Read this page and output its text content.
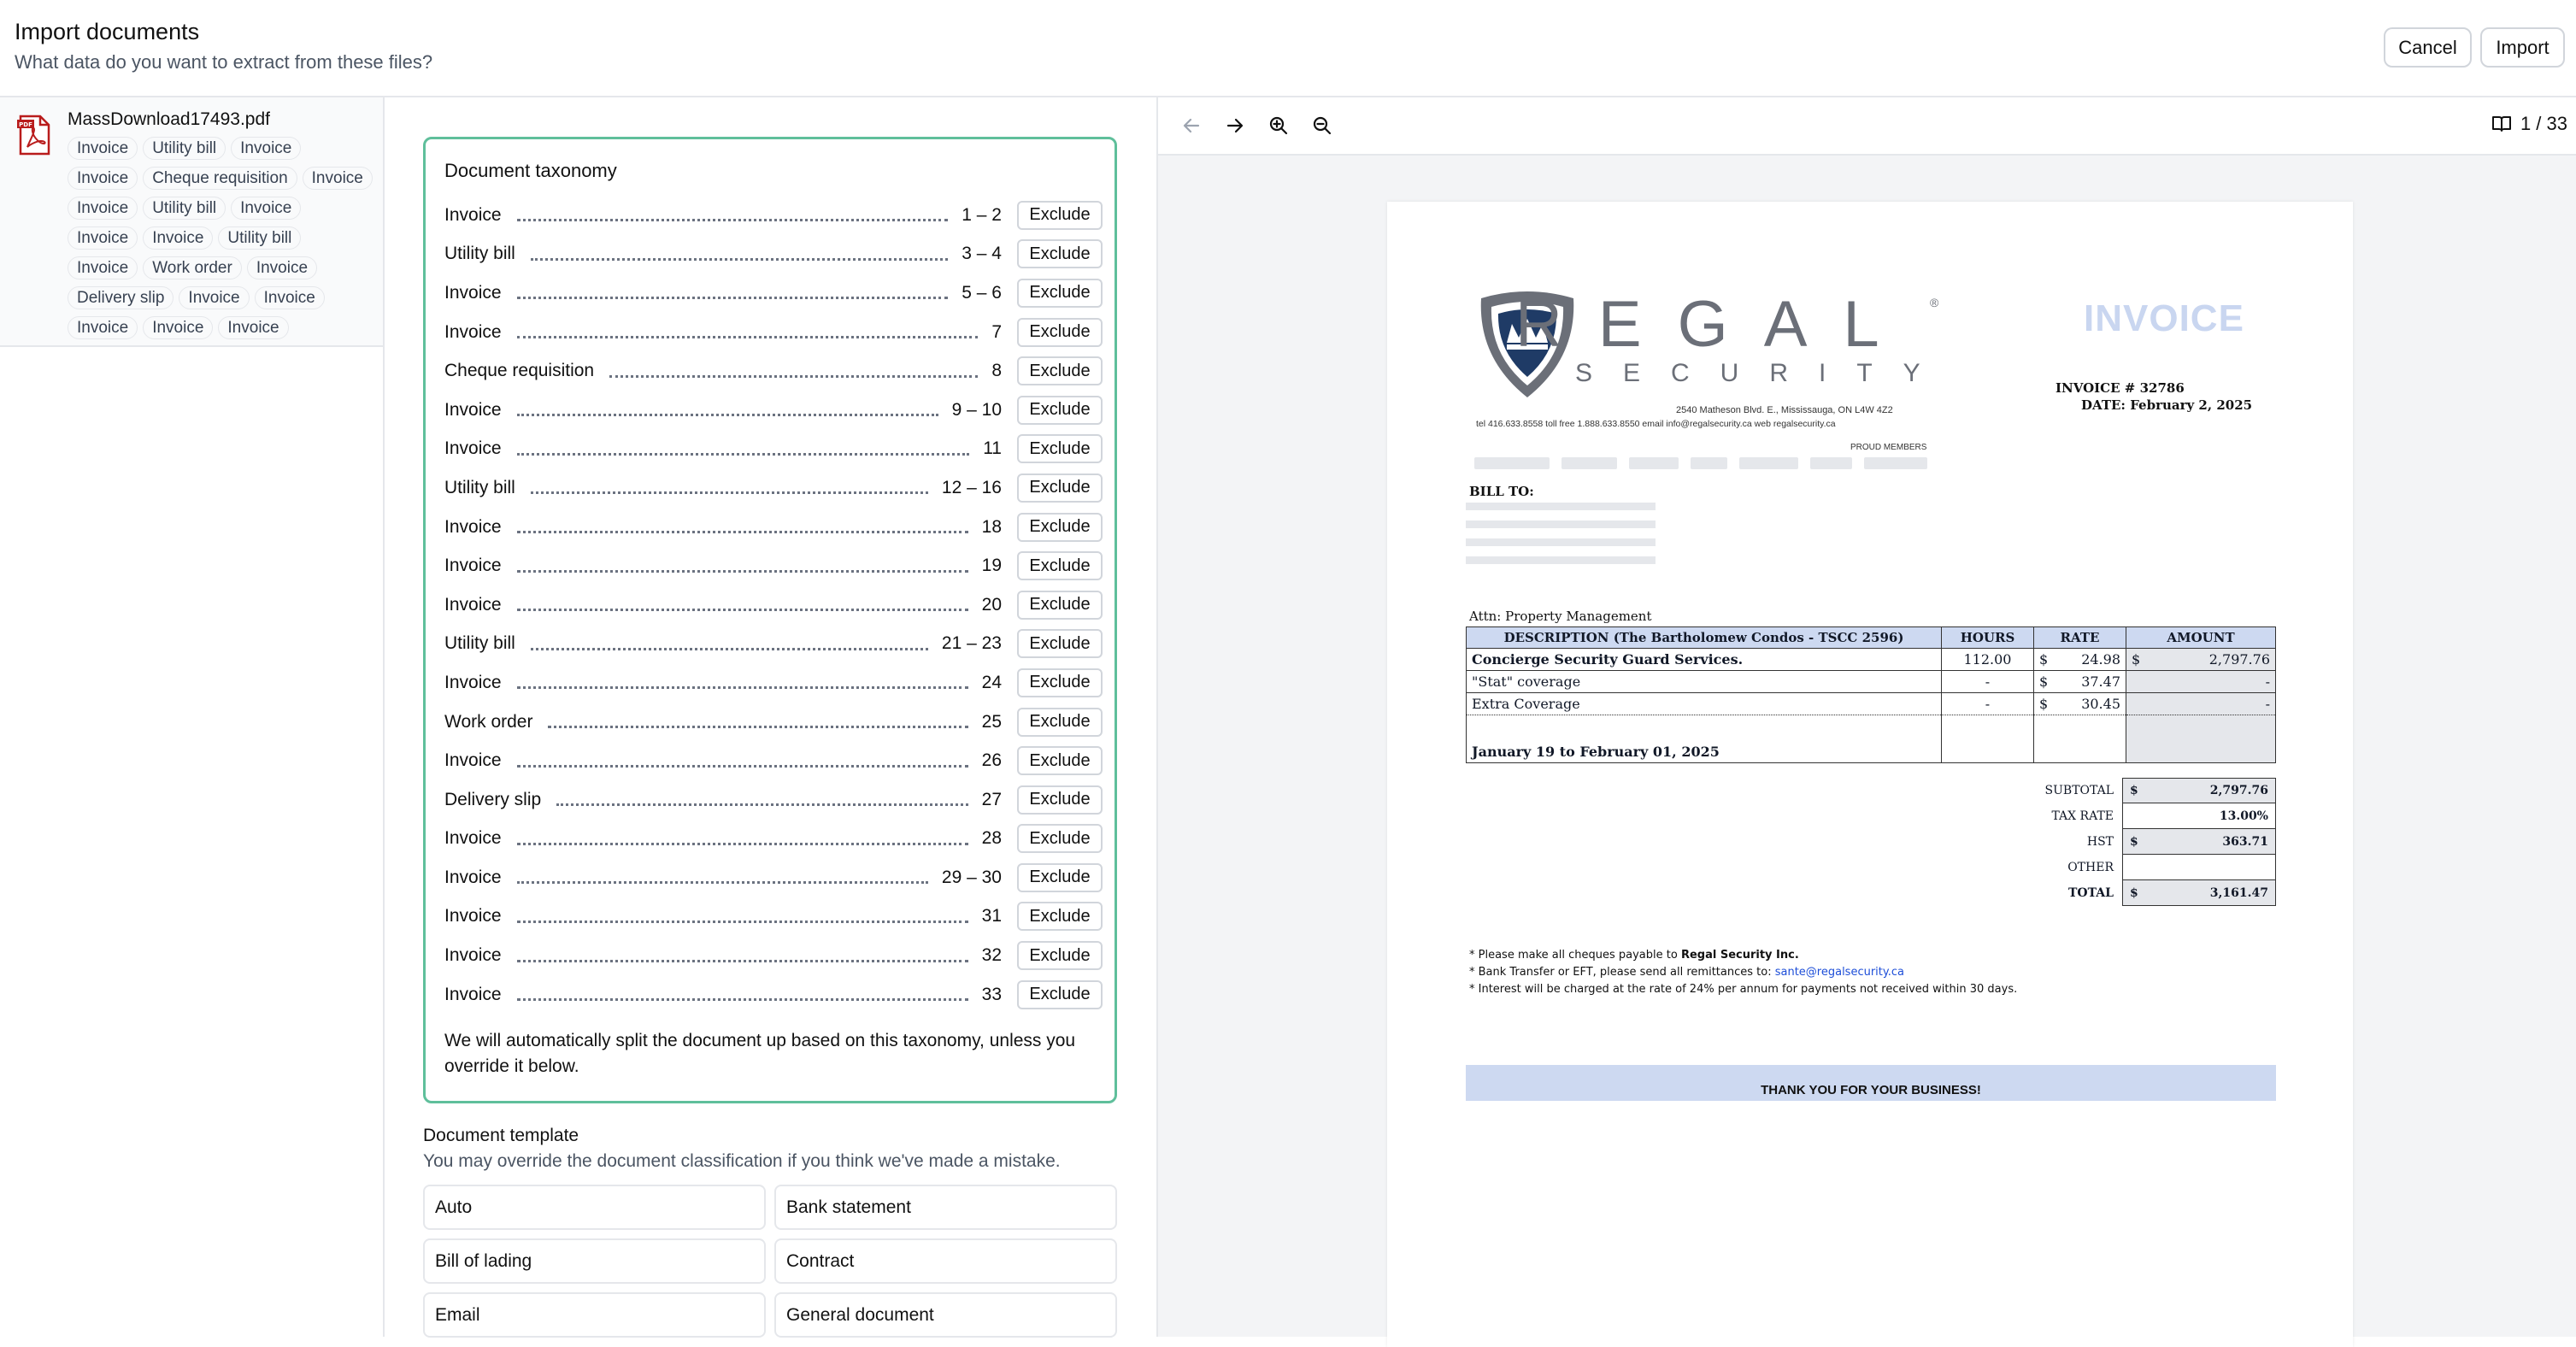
Import documents
What data do you want to extract from these files?
Cancel	Import
PDF MassDownload17493.pdf
Invoice	Utility bill	Invoice
Invoice	Cheque requisition	Invoice
Invoice	Utility bill	Invoice
Invoice	Invoice	Utility bill
Invoice	Work order	Invoice
Delivery slip	Invoice	Invoice
Invoice	Invoice	Invoice
Document taxonomy
Invoice	1 – 2	Exclude
Utility bill	3 – 4	Exclude
Invoice	5 – 6	Exclude
Invoice	7	Exclude
Cheque requisition	8	Exclude
Invoice	9 – 10	Exclude
Invoice	11	Exclude
Utility bill	12 – 16	Exclude
Invoice	18	Exclude
Invoice	19	Exclude
Invoice	20	Exclude
Utility bill	21 – 23	Exclude
Invoice	24	Exclude
Work order	25	Exclude
Invoice	26	Exclude
Delivery slip	27	Exclude
Invoice	28	Exclude
Invoice	29 – 30	Exclude
Invoice	31	Exclude
Invoice	32	Exclude
Invoice	33	Exclude
We will automatically split the document up based on this taxonomy, unless you override it below.
Document template
You may override the document classification if you think we've made a mistake.
Auto	Bank statement
Bill of lading	Contract
Email	General document
1 / 33
REGAL ®
SECURITY
INVOICE
2540 Matheson Blvd. E., Mississauga, ON L4W 4Z2
tel 416.633.8558 toll free 1.888.633.8550 email info@regalsecurity.ca web regalsecurity.ca
PROUD MEMBERS
INVOICE # 32786
DATE: February 2, 2025
BILL TO:
Attn: Property Management
DESCRIPTION (The Bartholomew Condos - TSCC 2596)	HOURS	RATE	AMOUNT
Concierge Security Guard Services.	112.00	$ 24.98	$ 2,797.76

"Stat" coverage	-	$ 37.47	-

Extra Coverage	-	$ 30.45	-

January 19 to February 01, 2025			
SUBTOTAL	$	2,797.76
TAX RATE	13.00%
HST	$	363.71
OTHER
TOTAL	$	3,161.47
* Please make all cheques payable to Regal Security Inc.
* Bank Transfer or EFT, please send all remittances to: sante@regalsecurity.ca
* Interest will be charged at the rate of 24% per annum for payments not received within 30 days.
THANK YOU FOR YOUR BUSINESS!
